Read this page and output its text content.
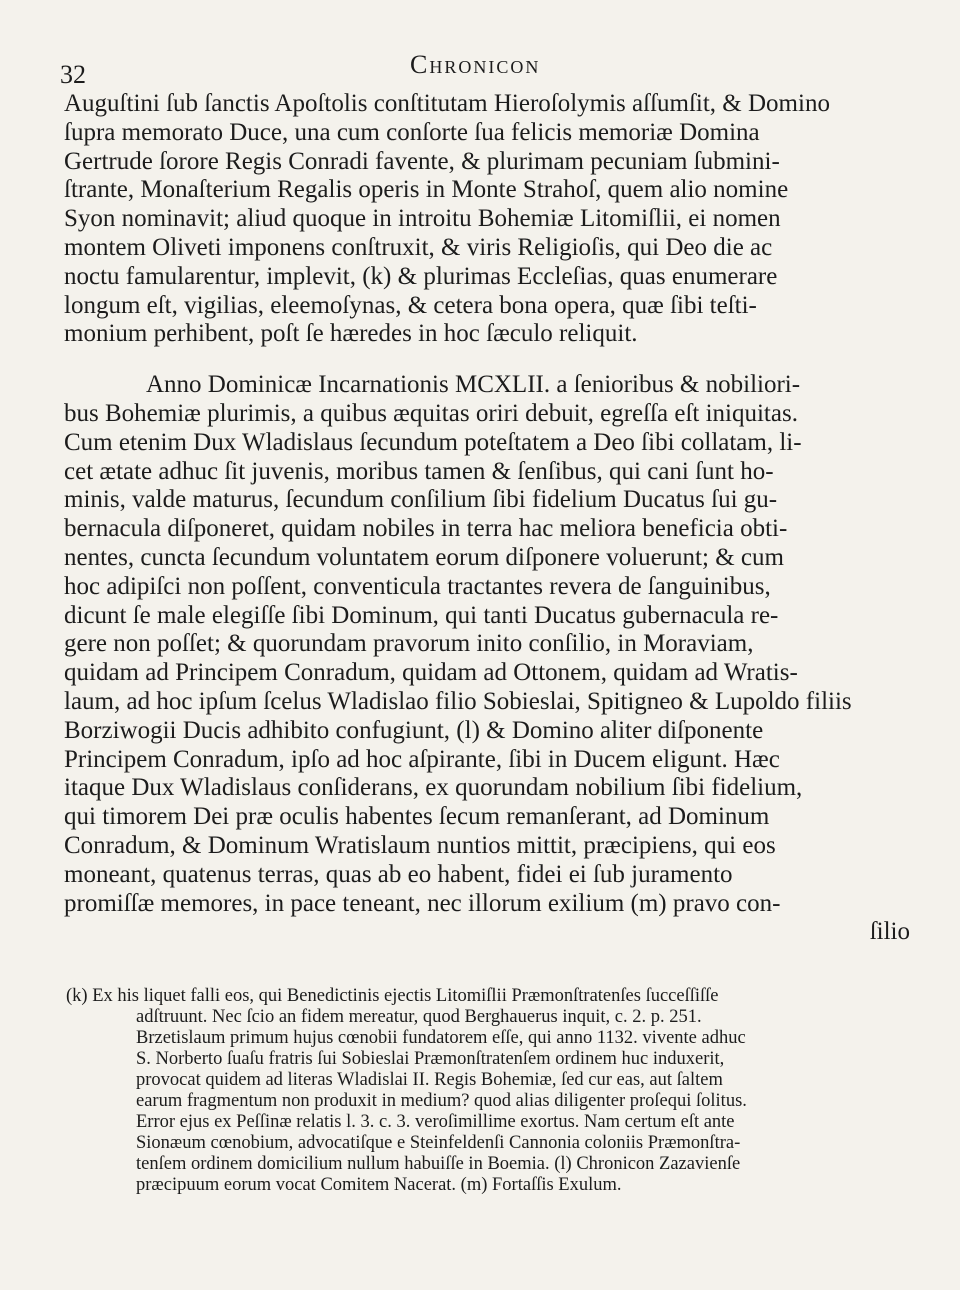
32	Chronicon
Auguſtini ſub ſanctis Apoſtolis conſtitutam Hieroſolymis aſſumſit, & Domino
ſupra memorato Duce, una cum conſorte ſua felicis memoriæ Domina
Gertrude ſorore Regis Conradi favente, & plurimam pecuniam ſubmini-
ſtrante, Monaſterium Regalis operis in Monte Strahoſ, quem alio nomine
Syon nominavit; aliud quoque in introitu Bohemiæ Litomiſlii, ei nomen
montem Oliveti imponens conſtruxit, & viris Religioſis, qui Deo die ac
noctu famularentur, implevit, (k) & plurimas Eccleſias, quas enumerare
longum eſt, vigilias, eleemoſynas, & cetera bona opera, quæ ſibi teſti-
monium perhibent, poſt ſe hæredes in hoc ſæculo reliquit.
Anno Dominicæ Incarnationis MCXLII. a ſenioribus & nobiliori-
bus Bohemiæ plurimis, a quibus æquitas oriri debuit, egreſſa eſt iniquitas.
Cum etenim Dux Wladislaus ſecundum poteſtatem a Deo ſibi collatam, li-
cet ætate adhuc ſit juvenis, moribus tamen & ſenſibus, qui cani ſunt ho-
minis, valde maturus, ſecundum conſilium ſibi fidelium Ducatus ſui gu-
bernacula diſponeret, quidam nobiles in terra hac meliora beneficia obti-
nentes, cuncta ſecundum voluntatem eorum diſponere voluerunt; & cum
hoc adipiſci non poſſent, conventicula tractantes revera de ſanguinibus,
dicunt ſe male elegiſſe ſibi Dominum, qui tanti Ducatus gubernacula re-
gere non poſſet; & quorundam pravorum inito conſilio, in Moraviam,
quidam ad Principem Conradum, quidam ad Ottonem, quidam ad Wratis-
laum, ad hoc ipſum ſcelus Wladislao filio Sobieslai, Spitigneo & Lupoldo filiis
Borziwogii Ducis adhibito confugiunt, (l) & Domino aliter diſponente
Principem Conradum, ipſo ad hoc aſpirante, ſibi in Ducem eligunt. Hæc
itaque Dux Wladislaus conſiderans, ex quorundam nobilium ſibi fidelium,
qui timorem Dei præ oculis habentes ſecum remanſerant, ad Dominum
Conradum, & Dominum Wratislaum nuntios mittit, præcipiens, qui eos
moneant, quatenus terras, quas ab eo habent, fidei ei ſub juramento
promiſſæ memores, in pace teneant, nec illorum exilium (m) pravo con-
ſilio
(k) Ex his liquet falli eos, qui Benedictinis ejectis Litomiſlii Præmonſtratenſes ſucceſſiſſe
adſtruunt. Nec ſcio an fidem mereatur, quod Berghauerus inquit, c. 2. p. 251.
Brzetislaum primum hujus cœnobii fundatorem eſſe, qui anno 1132. vivente adhuc
S. Norberto ſuaſu fratris ſui Sobieslai Præmonſtratenſem ordinem huc induxerit,
provocat quidem ad literas Wladislai II. Regis Bohemiæ, ſed cur eas, aut ſaltem
earum fragmentum non produxit in medium? quod alias diligenter proſequi ſolitus.
Error ejus ex Peſſinæ relatis l. 3. c. 3. veroſimillime exortus. Nam certum eſt ante
Sionæum cœnobium, advocatiſque e Steinfeldenſi Cannonia coloniis Præmonſtra-
tenſem ordinem domicilium nullum habuiſſe in Boemia. (l) Chronicon Zazavienſe
præcipuum eorum vocat Comitem Nacerat. (m) Fortaſſis Exulum.
